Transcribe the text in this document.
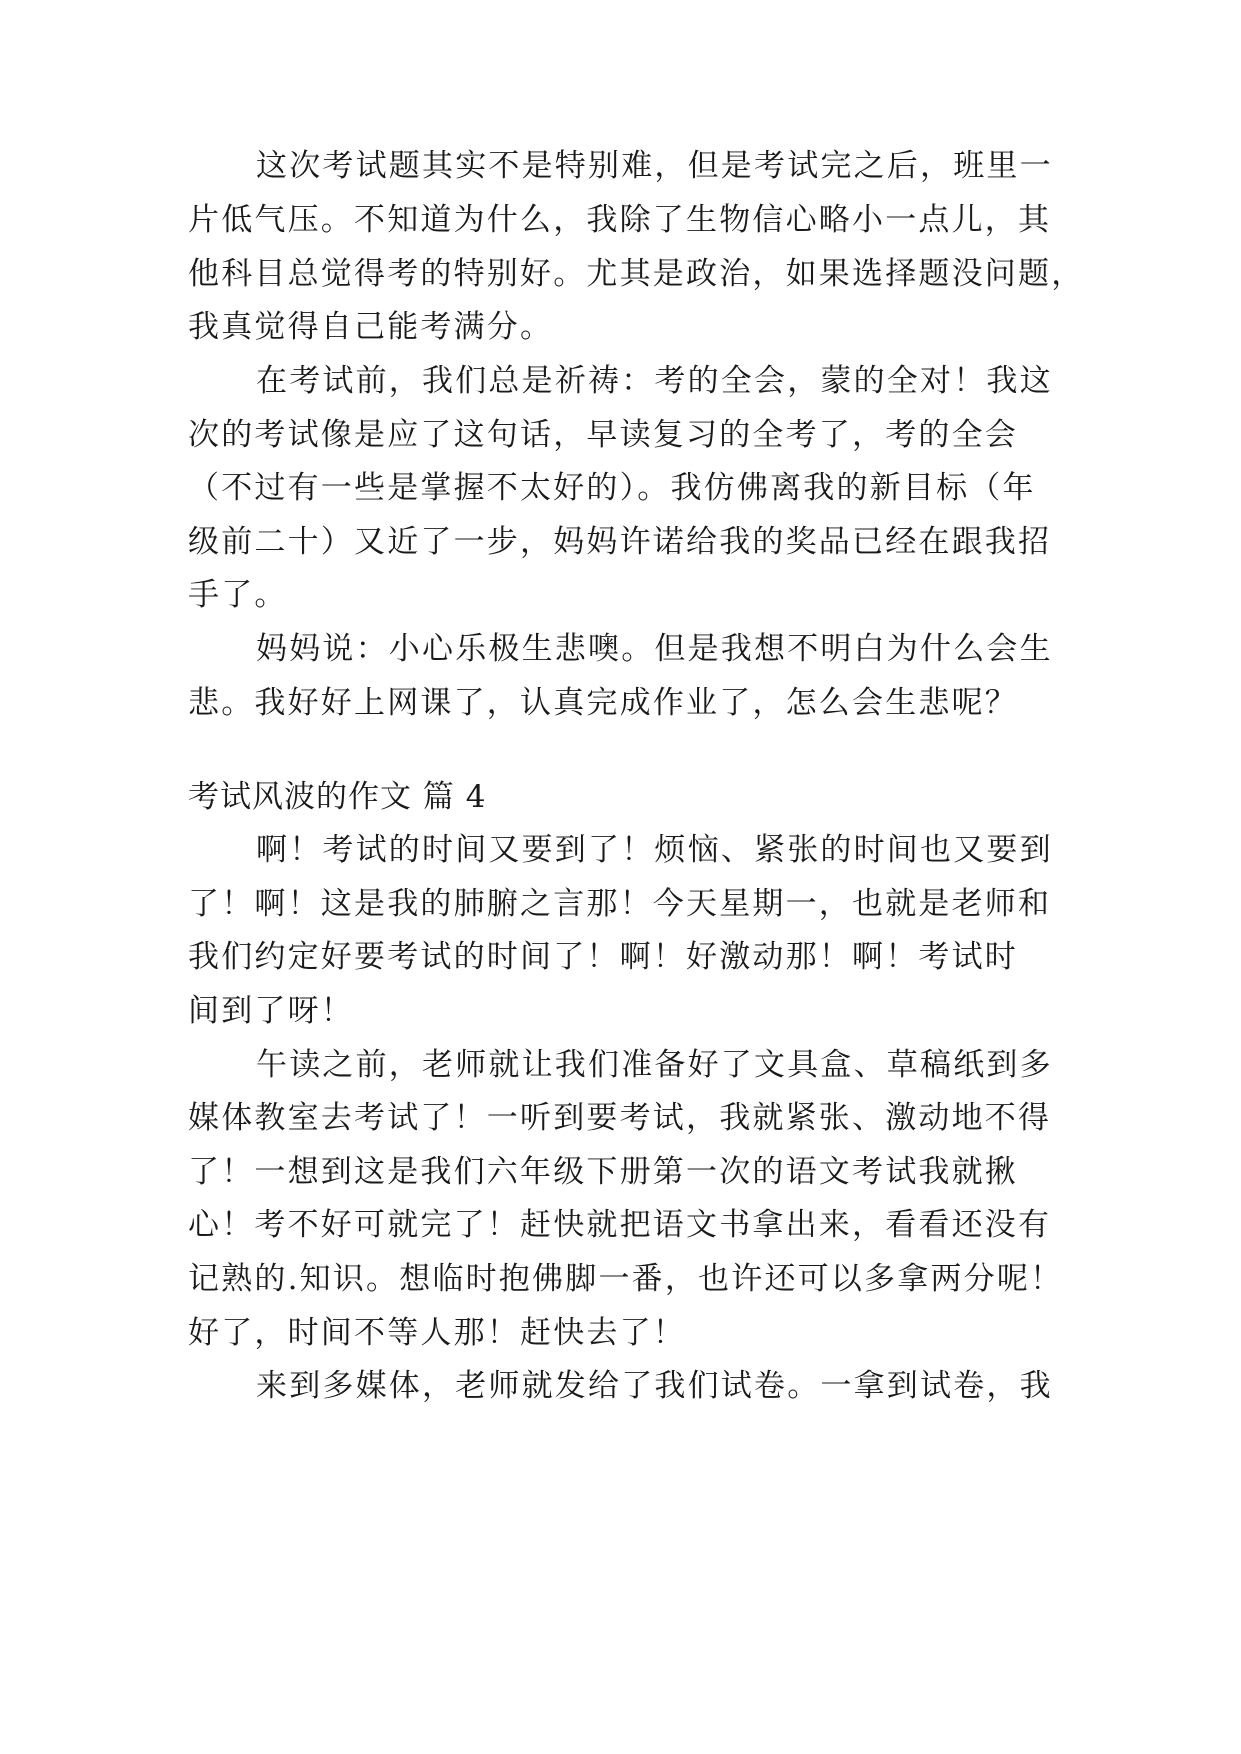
这次考试题其实不是特别难，但是考试完之后，班里一
片低气压。不知道为什么，我除了生物信心略小一点儿，其
他科目总觉得考的特别好。尤其是政治，如果选择题没问题，
我真觉得自己能考满分。
在考试前，我们总是祈祷：考的全会，蒙的全对！我这
次的考试像是应了这句话，早读复习的全考了，考的全会
（不过有一些是掌握不太好的）。我仿佛离我的新目标（年
级前二十）又近了一步，妈妈许诺给我的奖品已经在跟我招
手了。
妈妈说：小心乐极生悲噢。但是我想不明白为什么会生
悲。我好好上网课了，认真完成作业了，怎么会生悲呢？
考试风波的作文 篇 4
啊！考试的时间又要到了！烦恼、紧张的时间也又要到
了！啊！这是我的肺腑之言那！今天星期一，也就是老师和
我们约定好要考试的时间了！啊！好激动那！啊！考试时
间到了呀！
午读之前，老师就让我们准备好了文具盒、草稿纸到多
媒体教室去考试了！一听到要考试，我就紧张、激动地不得
了！一想到这是我们六年级下册第一次的语文考试我就揪
心！考不好可就完了！赶快就把语文书拿出来，看看还没有
记熟的.知识。想临时抱佛脚一番，也许还可以多拿两分呢！
好了，时间不等人那！赶快去了！
来到多媒体，老师就发给了我们试卷。一拿到试卷，我
